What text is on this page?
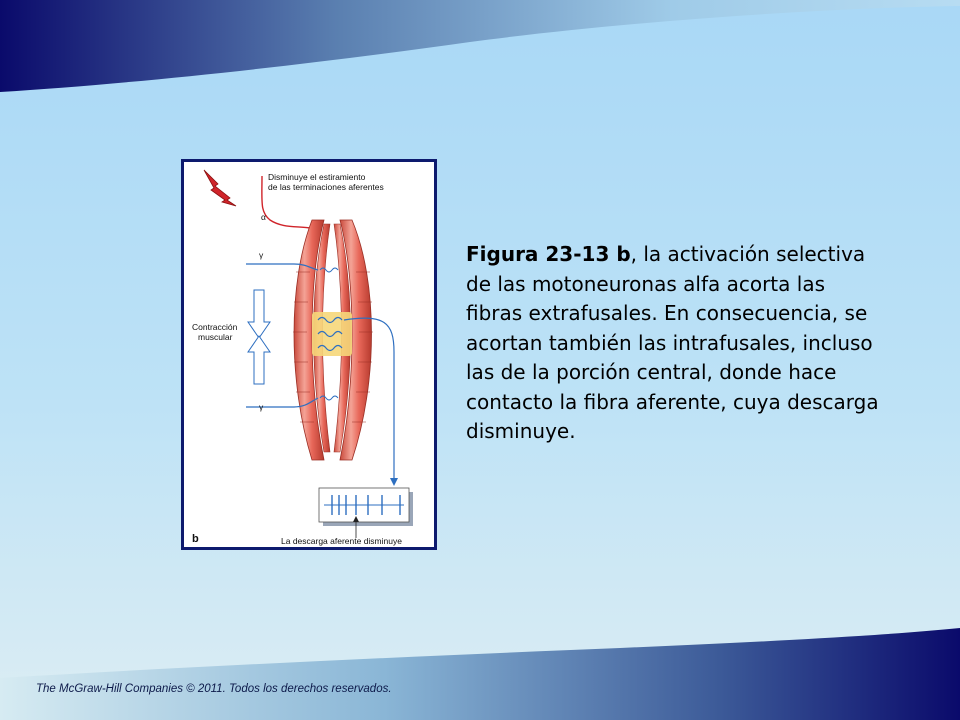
Disminuye el estiramiento
de las terminaciones aferentes
α
γ
γ
Contracción
muscular
b	La descarga aferente disminuye
Figura 23-13 b, la activación selectiva de las motoneuronas alfa acorta las fibras extrafusales. En consecuencia, se acortan también las intrafusales, incluso las de la porción central, donde hace contacto la fibra aferente, cuya descarga disminuye.
The McGraw-Hill Companies © 2011. Todos los derechos reservados.
